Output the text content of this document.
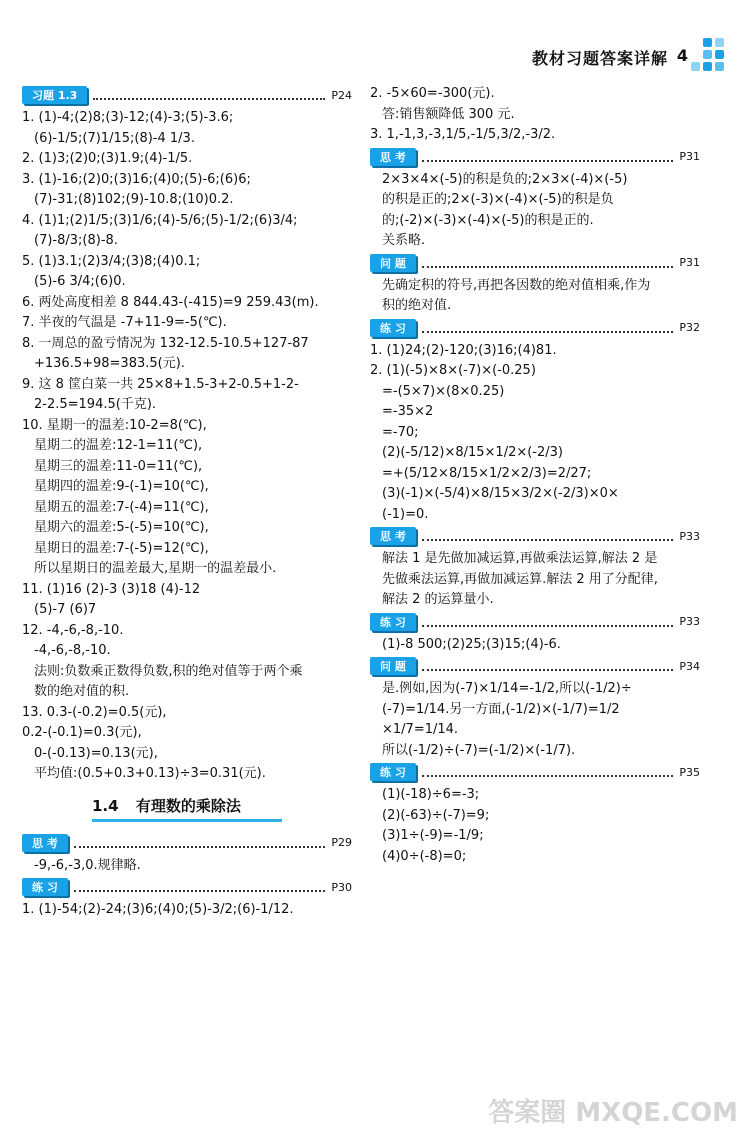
教材习题答案详解 4
习题 1.3	P24
1. (1)-4;(2)8;(3)-12;(4)-3;(5)-3.6;
(6)-1/5;(7)1/15;(8)-4 1/3.
2. (1)3;(2)0;(3)1.9;(4)-1/5.
3. (1)-16;(2)0;(3)16;(4)0;(5)-6;(6)6;
(7)-31;(8)102;(9)-10.8;(10)0.2.
4. (1)1;(2)1/5;(3)1/6;(4)-5/6;(5)-1/2;(6)3/4;
(7)-8/3;(8)-8.
5. (1)3.1;(2)3/4;(3)8;(4)0.1;
(5)-6 3/4;(6)0.
6. 两处高度相差 8 844.43-(-415)=9 259.43(m).
7. 半夜的气温是 -7+11-9=-5(℃).
8. 一周总的盈亏情况为 132-12.5-10.5+127-87
+136.5+98=383.5(元).
9. 这 8 筐白菜一共 25×8+1.5-3+2-0.5+1-2-
2-2.5=194.5(千克).
10. 星期一的温差:10-2=8(℃),
星期二的温差:12-1=11(℃),
星期三的温差:11-0=11(℃),
星期四的温差:9-(-1)=10(℃),
星期五的温差:7-(-4)=11(℃),
星期六的温差:5-(-5)=10(℃),
星期日的温差:7-(-5)=12(℃),
所以星期日的温差最大,星期一的温差最小.
11. (1)16 (2)-3 (3)18 (4)-12
(5)-7 (6)7
12. -4,-6,-8,-10.
-4,-6,-8,-10.
法则:负数乘正数得负数,积的绝对值等于两个乘
数的绝对值的积.
13. 0.3-(-0.2)=0.5(元),
0.2-(-0.1)=0.3(元),
0-(-0.13)=0.13(元),
平均值:(0.5+0.3+0.13)÷3=0.31(元).
1.4 有理数的乘除法
思 考	P29
-9,-6,-3,0.规律略.
练 习	P30
1. (1)-54;(2)-24;(3)6;(4)0;(5)-3/2;(6)-1/12.
2. -5×60=-300(元).
答:销售额降低 300 元.
3. 1,-1,3,-3,1/5,-1/5,3/2,-3/2.
思 考	P31
2×3×4×(-5)的积是负的;2×3×(-4)×(-5)
的积是正的;2×(-3)×(-4)×(-5)的积是负
的;(-2)×(-3)×(-4)×(-5)的积是正的.
关系略.
问 题	P31
先确定积的符号,再把各因数的绝对值相乘,作为
积的绝对值.
练 习	P32
1. (1)24;(2)-120;(3)16;(4)81.
2. (1)(-5)×8×(-7)×(-0.25)
=-(5×7)×(8×0.25)
=-35×2
=-70;
(2)(-5/12)×8/15×1/2×(-2/3)
=+(5/12×8/15×1/2×2/3)=2/27;
(3)(-1)×(-5/4)×8/15×3/2×(-2/3)×0×
(-1)=0.
思 考	P33
解法 1 是先做加减运算,再做乘法运算,解法 2 是
先做乘法运算,再做加减运算.解法 2 用了分配律,
解法 2 的运算量小.
练 习	P33
(1)-8 500;(2)25;(3)15;(4)-6.
问 题	P34
是.例如,因为(-7)×1/14=-1/2,所以(-1/2)÷
(-7)=1/14.另一方面,(-1/2)×(-1/7)=1/2
×1/7=1/14.
所以(-1/2)÷(-7)=(-1/2)×(-1/7).
练 习	P35
(1)(-18)÷6=-3;
(2)(-63)÷(-7)=9;
(3)1÷(-9)=-1/9;
(4)0÷(-8)=0;
答案圈 MXQE.COM
